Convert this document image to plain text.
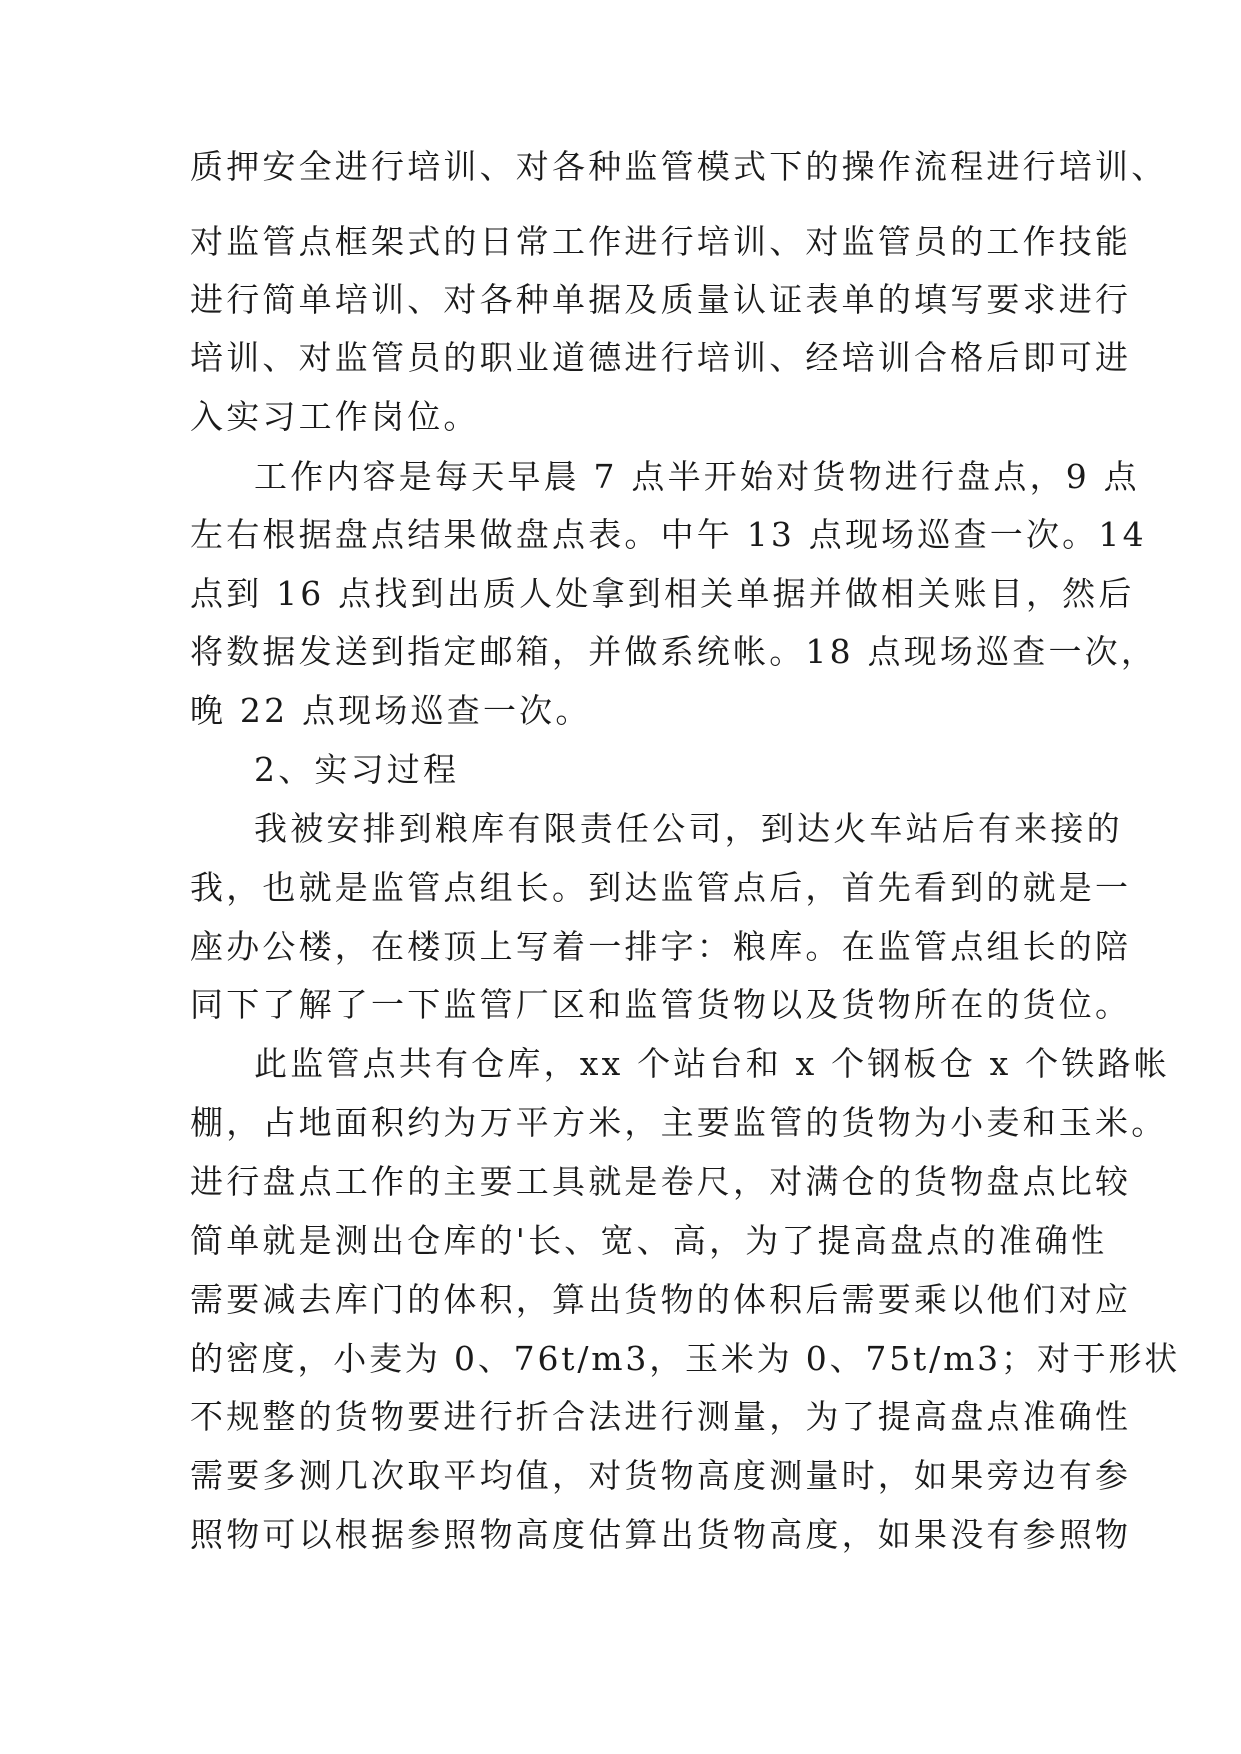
质押安全进行培训、对各种监管模式下的操作流程进行培训、

对监管点框架式的日常工作进行培训、对监管员的工作技能

进行简单培训、对各种单据及质量认证表单的填写要求进行

培训、对监管员的职业道德进行培训、经培训合格后即可进

入实习工作岗位。

工作内容是每天早晨 7 点半开始对货物进行盘点，9 点

左右根据盘点结果做盘点表。中午 13 点现场巡查一次。14

点到 16 点找到出质人处拿到相关单据并做相关账目，然后

将数据发送到指定邮箱，并做系统帐。18 点现场巡查一次，

晚 22 点现场巡查一次。

2、实习过程

我被安排到粮库有限责任公司，到达火车站后有来接的

我，也就是监管点组长。到达监管点后，首先看到的就是一

座办公楼，在楼顶上写着一排字：粮库。在监管点组长的陪

同下了解了一下监管厂区和监管货物以及货物所在的货位。

此监管点共有仓库，xx 个站台和 x 个钢板仓 x 个铁路帐

棚，占地面积约为万平方米，主要监管的货物为小麦和玉米。

进行盘点工作的主要工具就是卷尺，对满仓的货物盘点比较

简单就是测出仓库的'长、宽、高，为了提高盘点的准确性

需要减去库门的体积，算出货物的体积后需要乘以他们对应

的密度，小麦为 0、76t/m3，玉米为 0、75t/m3；对于形状

不规整的货物要进行折合法进行测量，为了提高盘点准确性

需要多测几次取平均值，对货物高度测量时，如果旁边有参

照物可以根据参照物高度估算出货物高度，如果没有参照物
